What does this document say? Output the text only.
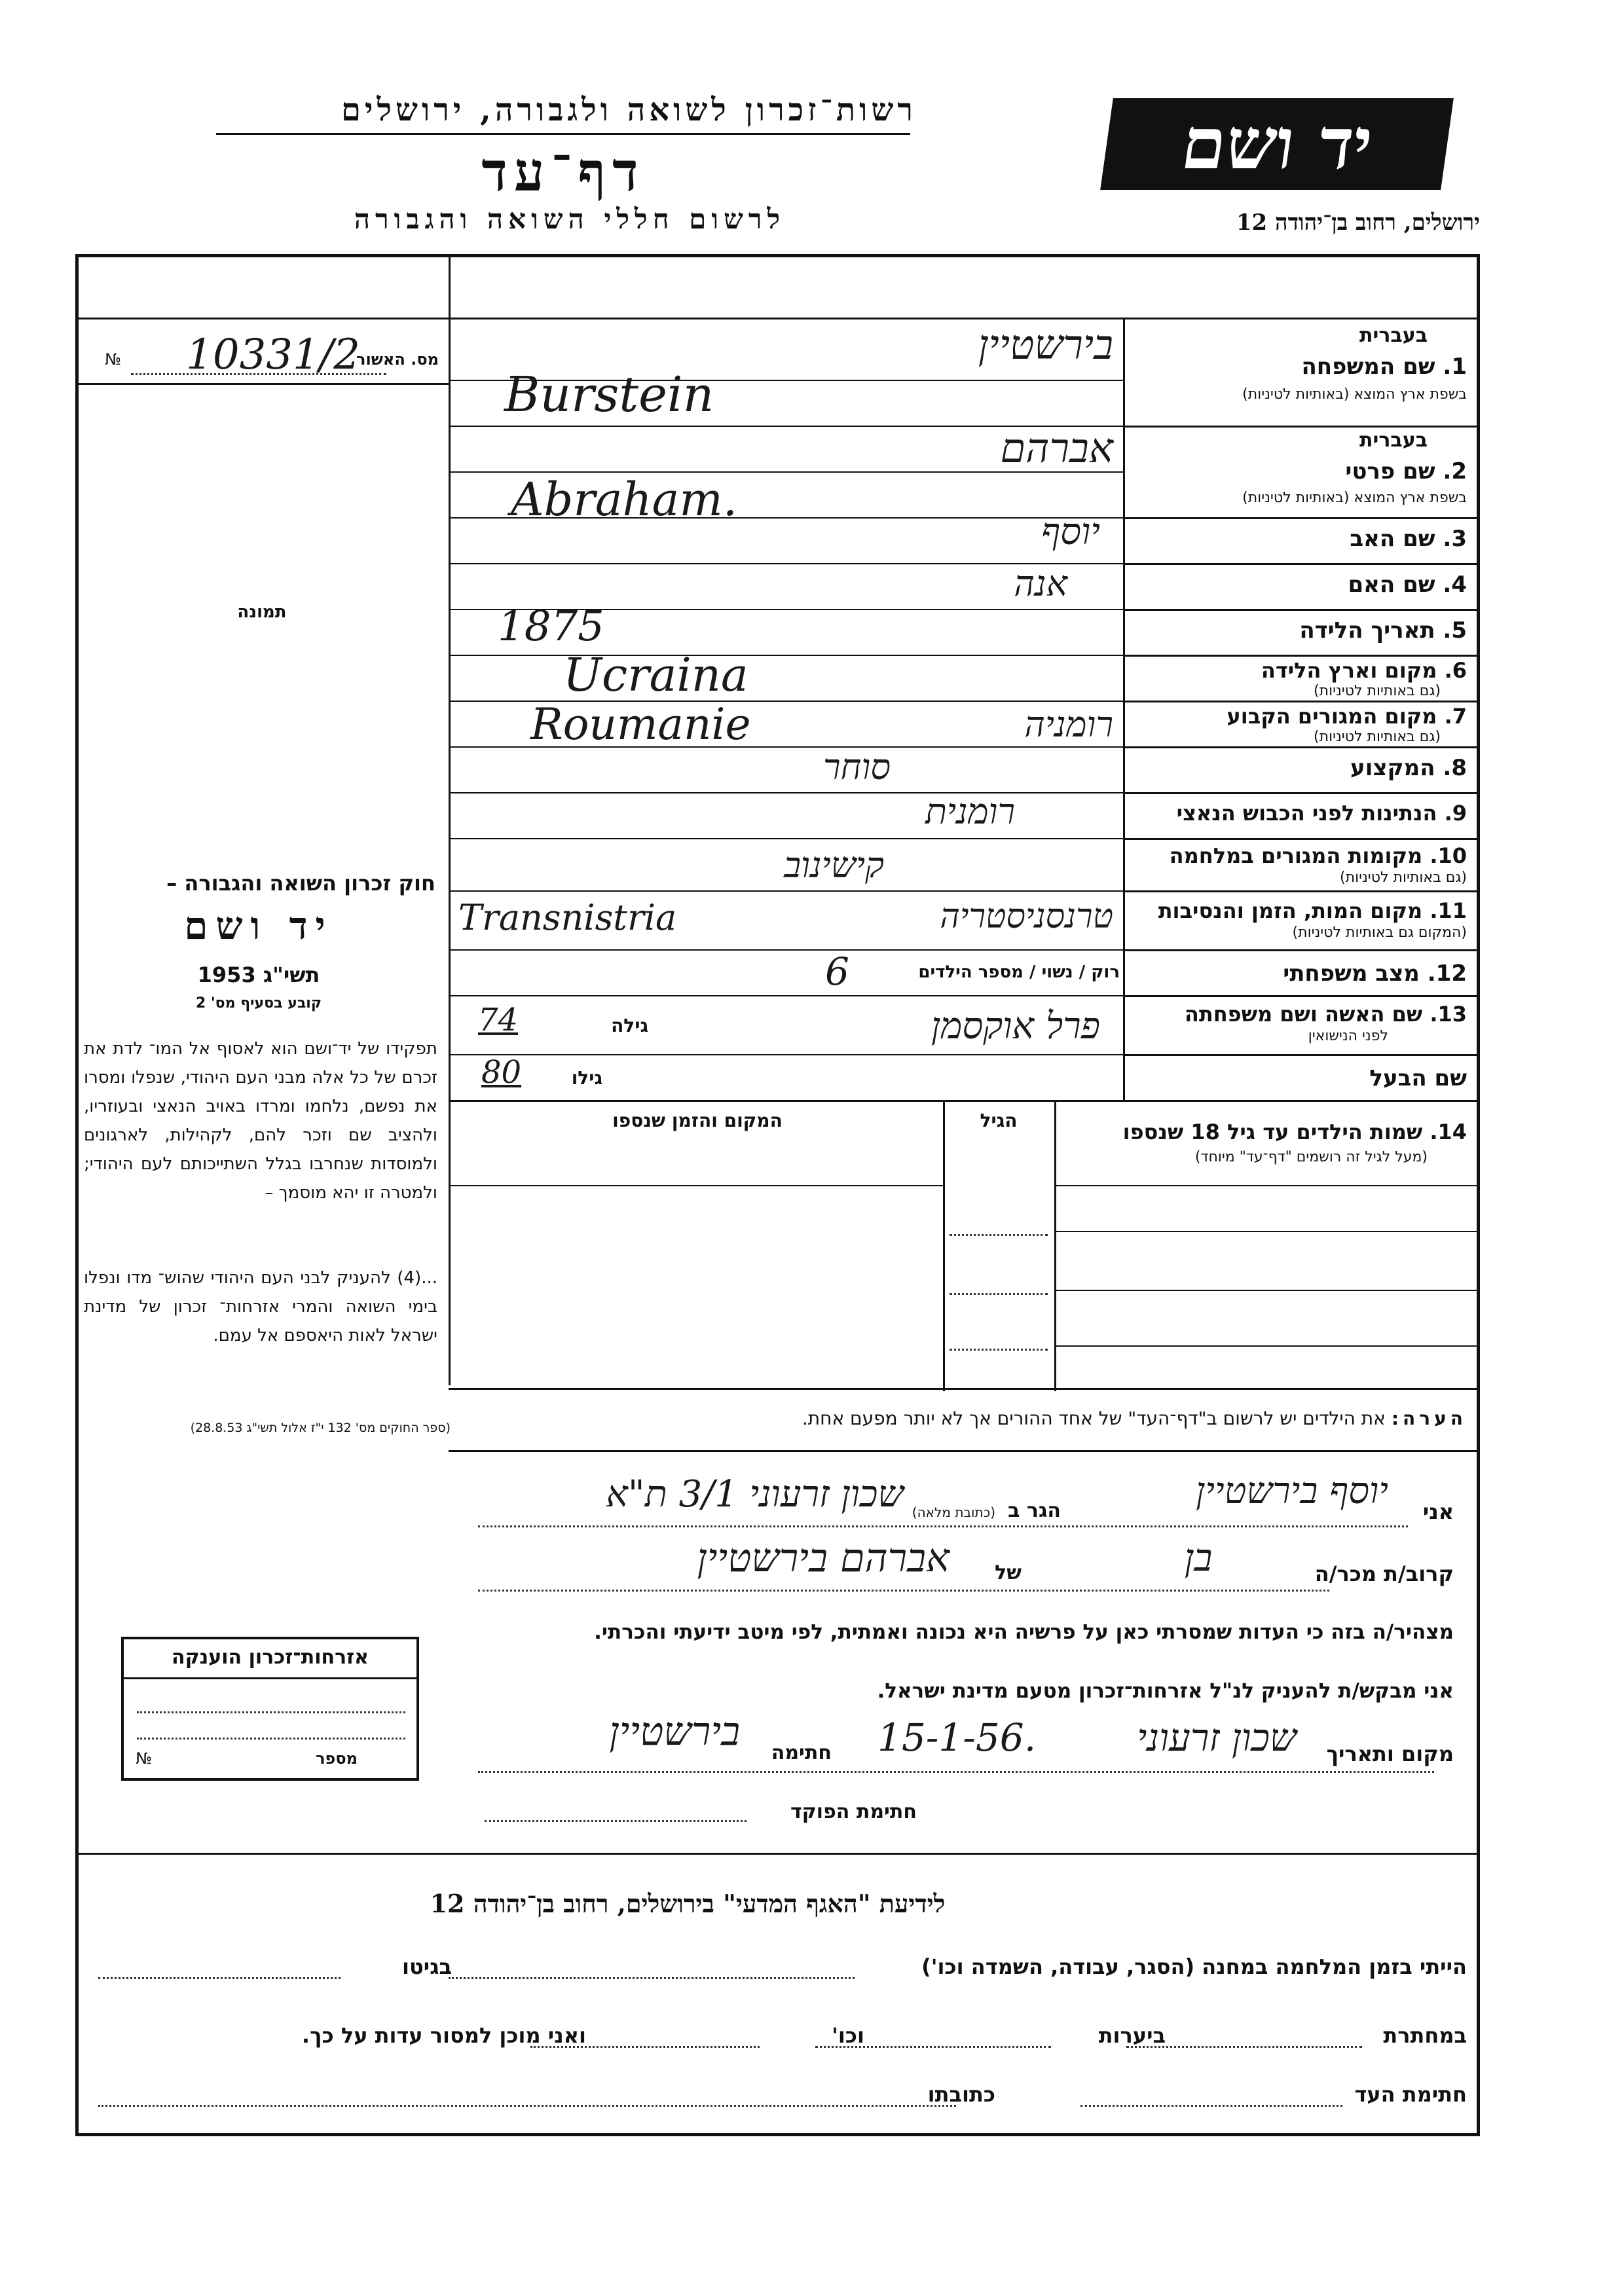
יד ושם
רשות־זכרון לשואה ולגבורה, ירושלים
דף־עד
לרשום חללי השואה והגבורה	ירושלים, רחוב בן־יהודה 12
מס. האשור
10331/2
№
תמונה
חוק זכרון השואה והגבורה –
יד ושם
תשי"ג 1953
קובע בסעיף מס' 2
תפקידו של יד־ושם הוא לאסוף אל המו־ לדת את זכרם של כל אלה מבני העם היהודי, שנפלו ומסרו את נפשם, נלחמו ומרדו באויב הנאצי ובעוזריו, ולהציב שם וזכר להם, לקהילות, לארגונים ולמוסדות שנחרבו בגלל השתייכותם לעם היהודי; ולמטרה זו יהא מוסמך –
...(4) להעניק לבני העם היהודי שהוש־ מדו ונפלו בימי השואה והמרי אזרחות־ זכרון של מדינת ישראל לאות היאספם אל עמם.
(ספר החוקים מס' 132 י"ז אלול תשי"ג 28.8.53)
בעברית
1. שם המשפחה
בשפת ארץ המוצא (באותיות לטיניות)
בירשטיין
Burstein
בעברית
2. שם פרטי
בשפת ארץ המוצא (באותיות לטיניות)
אברהם
Abraham.
3. שם האב
יוסף
4. שם האם
אנה
5. תאריך הלידה
1875
6. מקום וארץ הלידה
(גם באותיות לטיניות)
Ucraina
7. מקום המגורים הקבוע
(גם באותיות לטיניות)
Roumanie	רומניה
8. המקצוע
סוחר
9. הנתינות לפני הכבוש הנאצי
רומנית
10. מקומות המגורים במלחמה
(גם באותיות לטיניות)
קישינוב
11. מקום המות, הזמן והנסיבות
(המקום גם באותיות לטיניות)
Transnistria	טרנסניסטריה
12. מצב משפחתי
רוק / נשוי / מספר הילדים
6
13. שם האשה ושם משפחתה
לפני הנישואין
פרל אוקסמן
גילה
74
שם הבעל
גילו
80
14. שמות הילדים עד גיל 18 שנספו
(מעל לגיל זה רושמים "דף־עד" מיוחד)
הגיל
המקום והזמן שנספו
הערה: את הילדים יש לרשום ב"דף־העד" של אחד ההורים אך לא יותר מפעם אחת.
אני
יוסף בירשטיין
הגר ב
(כתובת מלאה)
שכון זרעוני 3/1 ת"א
קרוב/ת מכר/ה
בן
של
אברהם בירשטיין
מצהיר/ה בזה כי העדות שמסרתי כאן על פרשיה היא נכונה ואמתית, לפי מיטב ידיעתי והכרתי.
אני מבקש/ת להעניק לנ"ל אזרחות־זכרון מטעם מדינת ישראל.
מקום ותאריך
שכון זרעוני
15-1-56.
חתימה
בירשטיין
חתימת הפוקד
אזרחות־זכרון הוענקה
מספר
№
לידיעת "האגף המדעי" בירושלים, רחוב בן־יהודה 12
הייתי בזמן המלחמה במחנה (הסגר, עבודה, השמדה וכו')
בגיטו
במחתרת
ביערות
וכו'
ואני מוכן למסור עדות על כך.
חתימת העד
כתובתו
